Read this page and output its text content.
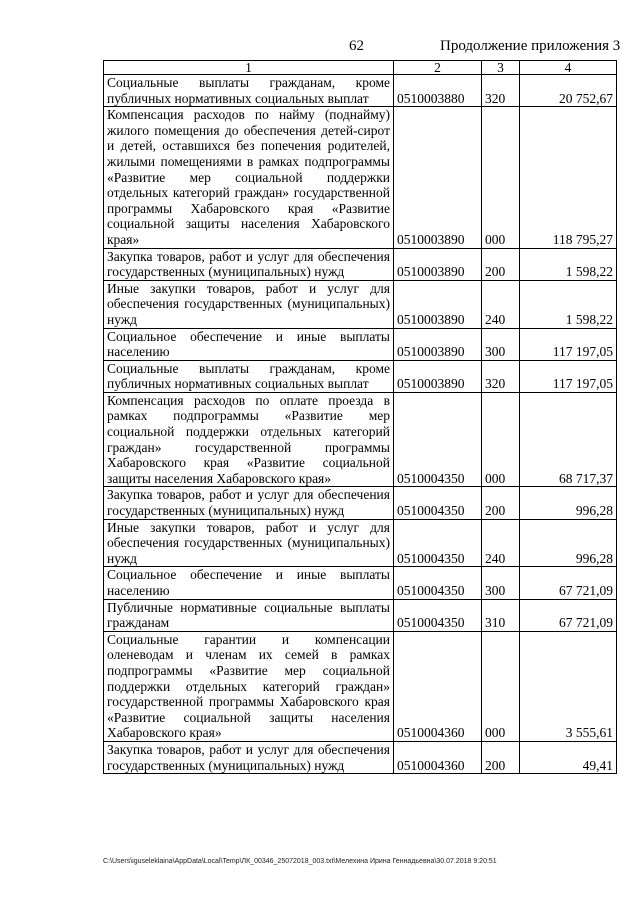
62	Продолжение приложения 3
1	2	3	4
Социальные выплаты гражданам, кроме публичных нормативных социальных выплат	0510003880	320	20 752,67
Компенсация расходов по найму (поднайму) жилого помещения до обеспечения детей-сирот и детей, оставшихся без попечения родителей, жилыми помещениями в рамках подпрограммы «Развитие мер социальной поддержки отдельных категорий граждан» государственной программы Хабаровского края «Развитие социальной защиты населения Хабаровского края»	0510003890	000	118 795,27
Закупка товаров, работ и услуг для обеспечения государственных (муниципальных) нужд	0510003890	200	1 598,22
Иные закупки товаров, работ и услуг для обеспечения государственных (муниципальных) нужд	0510003890	240	1 598,22
Социальное обеспечение и иные выплаты населению	0510003890	300	117 197,05
Социальные выплаты гражданам, кроме публичных нормативных социальных выплат	0510003890	320	117 197,05
Компенсация расходов по оплате проезда в рамках подпрограммы «Развитие мер социальной поддержки отдельных категорий граждан» государственной программы Хабаровского края «Развитие социальной защиты населения Хабаровского края»	0510004350	000	68 717,37
Закупка товаров, работ и услуг для обеспечения государственных (муниципальных) нужд	0510004350	200	996,28
Иные закупки товаров, работ и услуг для обеспечения государственных (муниципальных) нужд	0510004350	240	996,28
Социальное обеспечение и иные выплаты населению	0510004350	300	67 721,09
Публичные нормативные социальные выплаты гражданам	0510004350	310	67 721,09
Социальные гарантии и компенсации оленеводам и членам их семей в рамках подпрограммы «Развитие мер социальной поддержки отдельных категорий граждан» государственной программы Хабаровского края «Развитие социальной защиты населения Хабаровского края»	0510004360	000	3 555,61
Закупка товаров, работ и услуг для обеспечения государственных (муниципальных) нужд	0510004360	200	49,41
C:\Users\iguseleklaina\AppData\Local\Temp\ЛК_00346_25072018_003.txt\Мелехина Ирина Геннадьевна\30.07.2018 9:20:51
